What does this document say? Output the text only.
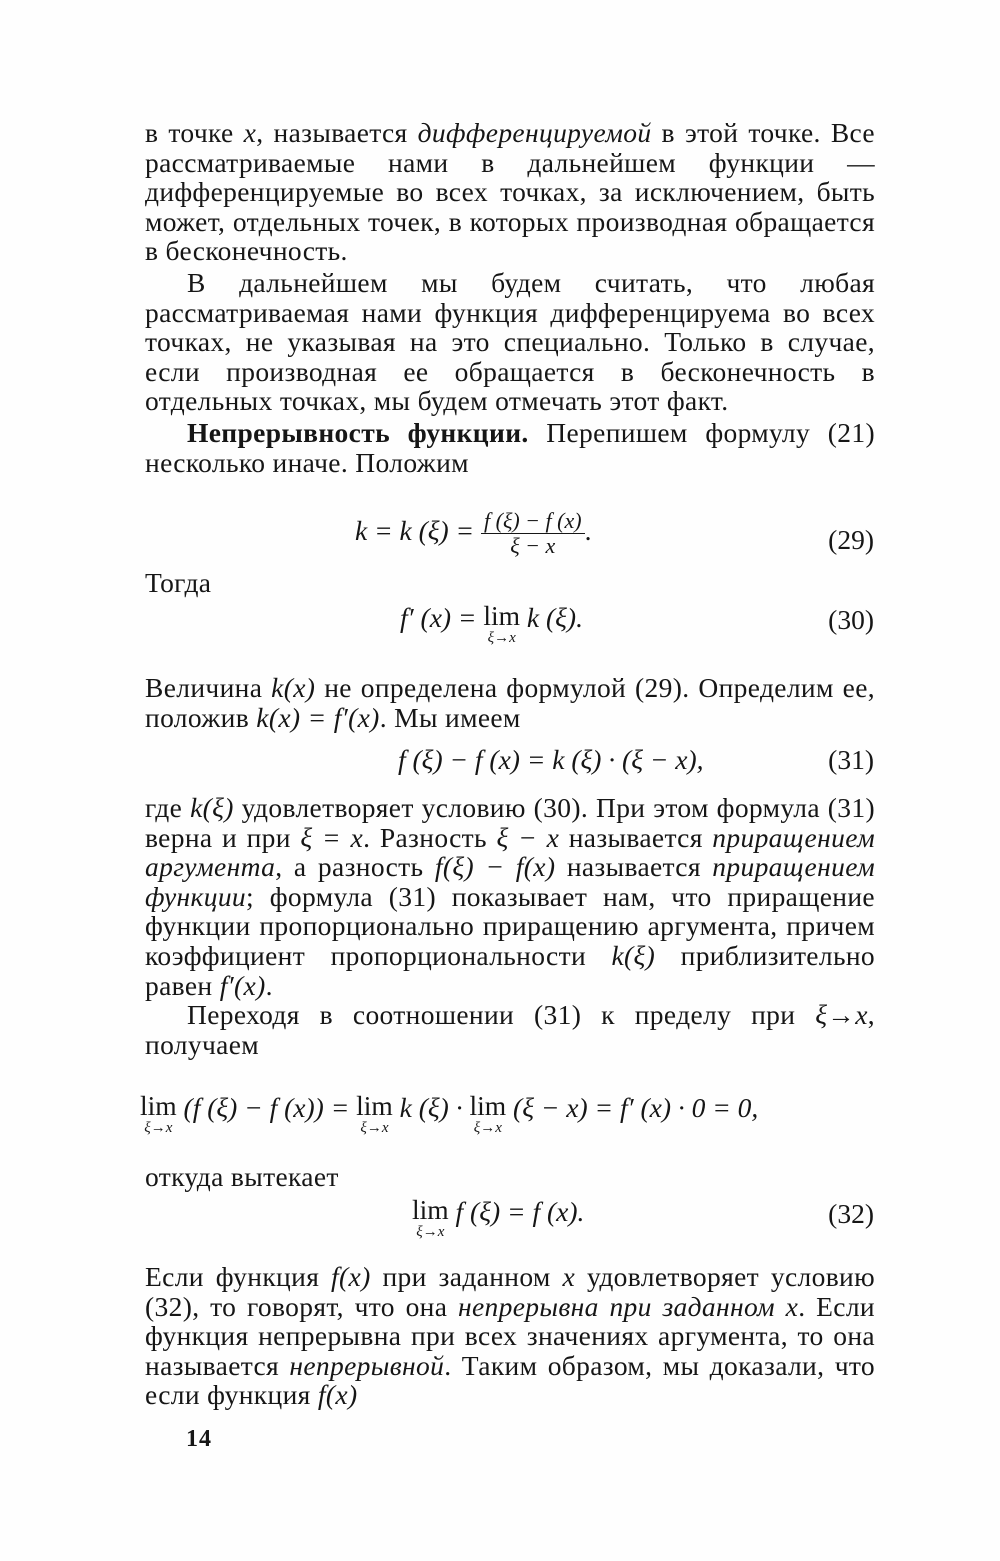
в точке x, называется дифференцируемой в этой точке. Все рассматриваемые нами в дальнейшем функции — дифференцируемые во всех точках, за исключением, быть может, отдельных точек, в которых производная обращается в бесконечность.

В дальнейшем мы будем считать, что любая рассматриваемая нами функция дифференцируема во всех точках, не указывая на это специально. Только в случае, если производная ее обращается в бесконечность в отдельных точках, мы будем отмечать этот факт.

Непрерывность функции. Перепишем формулу (21) несколько иначе. Положим

k = k $(\xi) = \frac{f (\xi) - f (x)}{\xi - x}$ .	(29)
Тогда
f′ (x) = lim
ξ→x
k (ξ).	(30)

Величина k(x) не определена формулой (29). Определим ее, положив k(x) = f′(x). Мы имеем

f (ξ) − f (x) = k (ξ) · (ξ − x),	(31)

где k(ξ) удовлетворяет условию (30). При этом формула (31) верна и при ξ = x. Разность ξ − x называется приращением аргумента, а разность f(ξ) − f(x) называется приращением функции; формула (31) показывает нам, что приращение функции пропорционально приращению аргумента, причем коэффициент пропорциональности k(ξ) приблизительно равен f′(x).

Переходя в соотношении (31) к пределу при ξ→x, получаем

lim
ξ→x
(f (ξ) − f (x)) = lim
ξ→x
k (ξ) · lim
ξ→x
(ξ − x) = f′ (x) · 0 = 0,
откуда вытекает
lim
ξ→x
f (ξ) = f (x).	(32)

Если функция f(x) при заданном x удовлетворяет условию (32), то говорят, что она непрерывна при заданном x. Если функция непрерывна при всех значениях аргумента, то она называется непрерывной. Таким образом, мы доказали, что если функция f(x)

14
